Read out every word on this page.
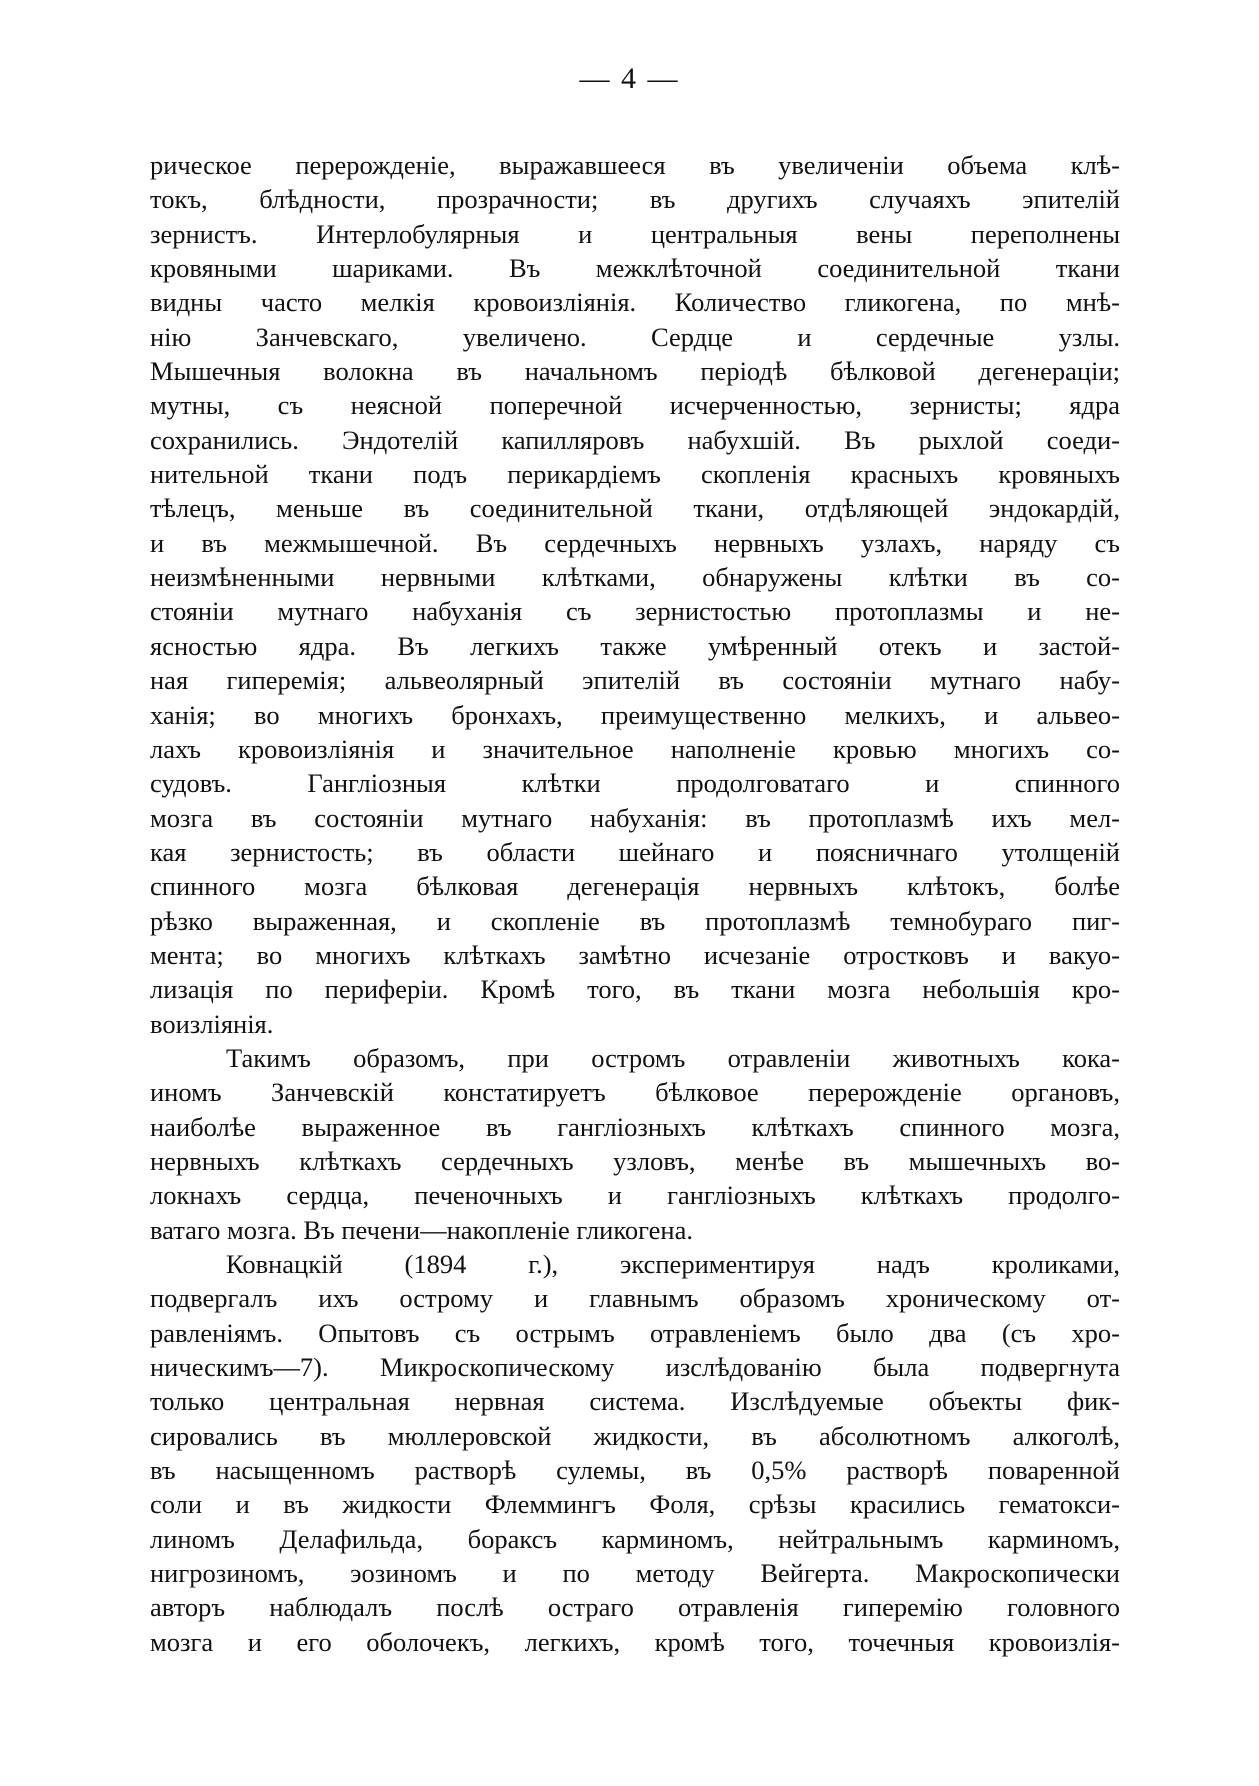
— 4 —
рическое перерожденіе, выражавшееся въ увеличеніи объема клѣ-
токъ, блѣдности, прозрачности; въ другихъ случаяхъ эпителій
зернистъ. Интерлобулярныя и центральныя вены переполнены
кровяными шариками. Въ межклѣточной соединительной ткани
видны часто мелкія кровоизліянія. Количество гликогена, по мнѣ-
нію Занчевскаго, увеличено. Сердце и сердечные узлы.
Мышечныя волокна въ начальномъ періодѣ бѣлковой дегенераціи;
мутны, съ неясной поперечной исчерченностью, зернисты; ядра
сохранились. Эндотелій капилляровъ набухшій. Въ рыхлой соеди-
нительной ткани подъ перикардіемъ скопленія красныхъ кровяныхъ
тѣлецъ, меньше въ соединительной ткани, отдѣляющей эндокардій,
и въ межмышечной. Въ сердечныхъ нервныхъ узлахъ, наряду съ
неизмѣненными нервными клѣтками, обнаружены клѣтки въ со-
стояніи мутнаго набуханія съ зернистостью протоплазмы и не-
ясностью ядра. Въ легкихъ также умѣренный отекъ и застой-
ная гиперемія; альвеолярный эпителій въ состояніи мутнаго набу-
ханія; во многихъ бронхахъ, преимущественно мелкихъ, и альвео-
лахъ кровоизліянія и значительное наполненіе кровью многихъ со-
судовъ. Гангліозныя клѣтки продолговатаго и спинного
мозга въ состояніи мутнаго набуханія: въ протоплазмѣ ихъ мел-
кая зернистость; въ области шейнаго и поясничнаго утолщеній
спинного мозга бѣлковая дегенерація нервныхъ клѣтокъ, болѣе
рѣзко выраженная, и скопленіе въ протоплазмѣ темнобураго пиг-
мента; во многихъ клѣткахъ замѣтно исчезаніе отростковъ и вакуо-
лизація по периферіи. Кромѣ того, въ ткани мозга небольшія кро-
воизліянія.
Такимъ образомъ, при остромъ отравленіи животныхъ кока-
иномъ Занчевскій констатируетъ бѣлковое перерожденіе органовъ,
наиболѣе выраженное въ ганглiозныхъ клѣткахъ спинного мозга,
нервныхъ клѣткахъ сердечныхъ узловъ, менѣе въ мышечныхъ во-
локнахъ сердца, печеночныхъ и ганглiозныхъ клѣткахъ продолго-
ватаго мозга. Въ печени—накопленіе гликогена.
Ковнацкій (1894 г.), экспериментируя надъ кроликами,
подвергалъ ихъ острому и главнымъ образомъ хроническому от-
равленіямъ. Опытовъ съ острымъ отравленіемъ было два (съ хро-
ническимъ—7). Микроскопическому изслѣдованію была подвергнута
только центральная нервная система. Изслѣдуемые объекты фик-
сировались въ мюллеровской жидкости, въ абсолютномъ алкоголѣ,
въ насыщенномъ растворѣ сулемы, въ 0,5% растворѣ поваренной
соли и въ жидкости Флеммингъ Фоля, срѣзы красились гематокси-
линомъ Делафильда, бораксъ карминомъ, нейтральнымъ карминомъ,
нигрозиномъ, эозиномъ и по методу Вейгерта. Макроскопически
авторъ наблюдалъ послѣ остраго отравленія гиперемію головного
мозга и его оболочекъ, легкихъ, кромѣ того, точечныя кровоизлія-
